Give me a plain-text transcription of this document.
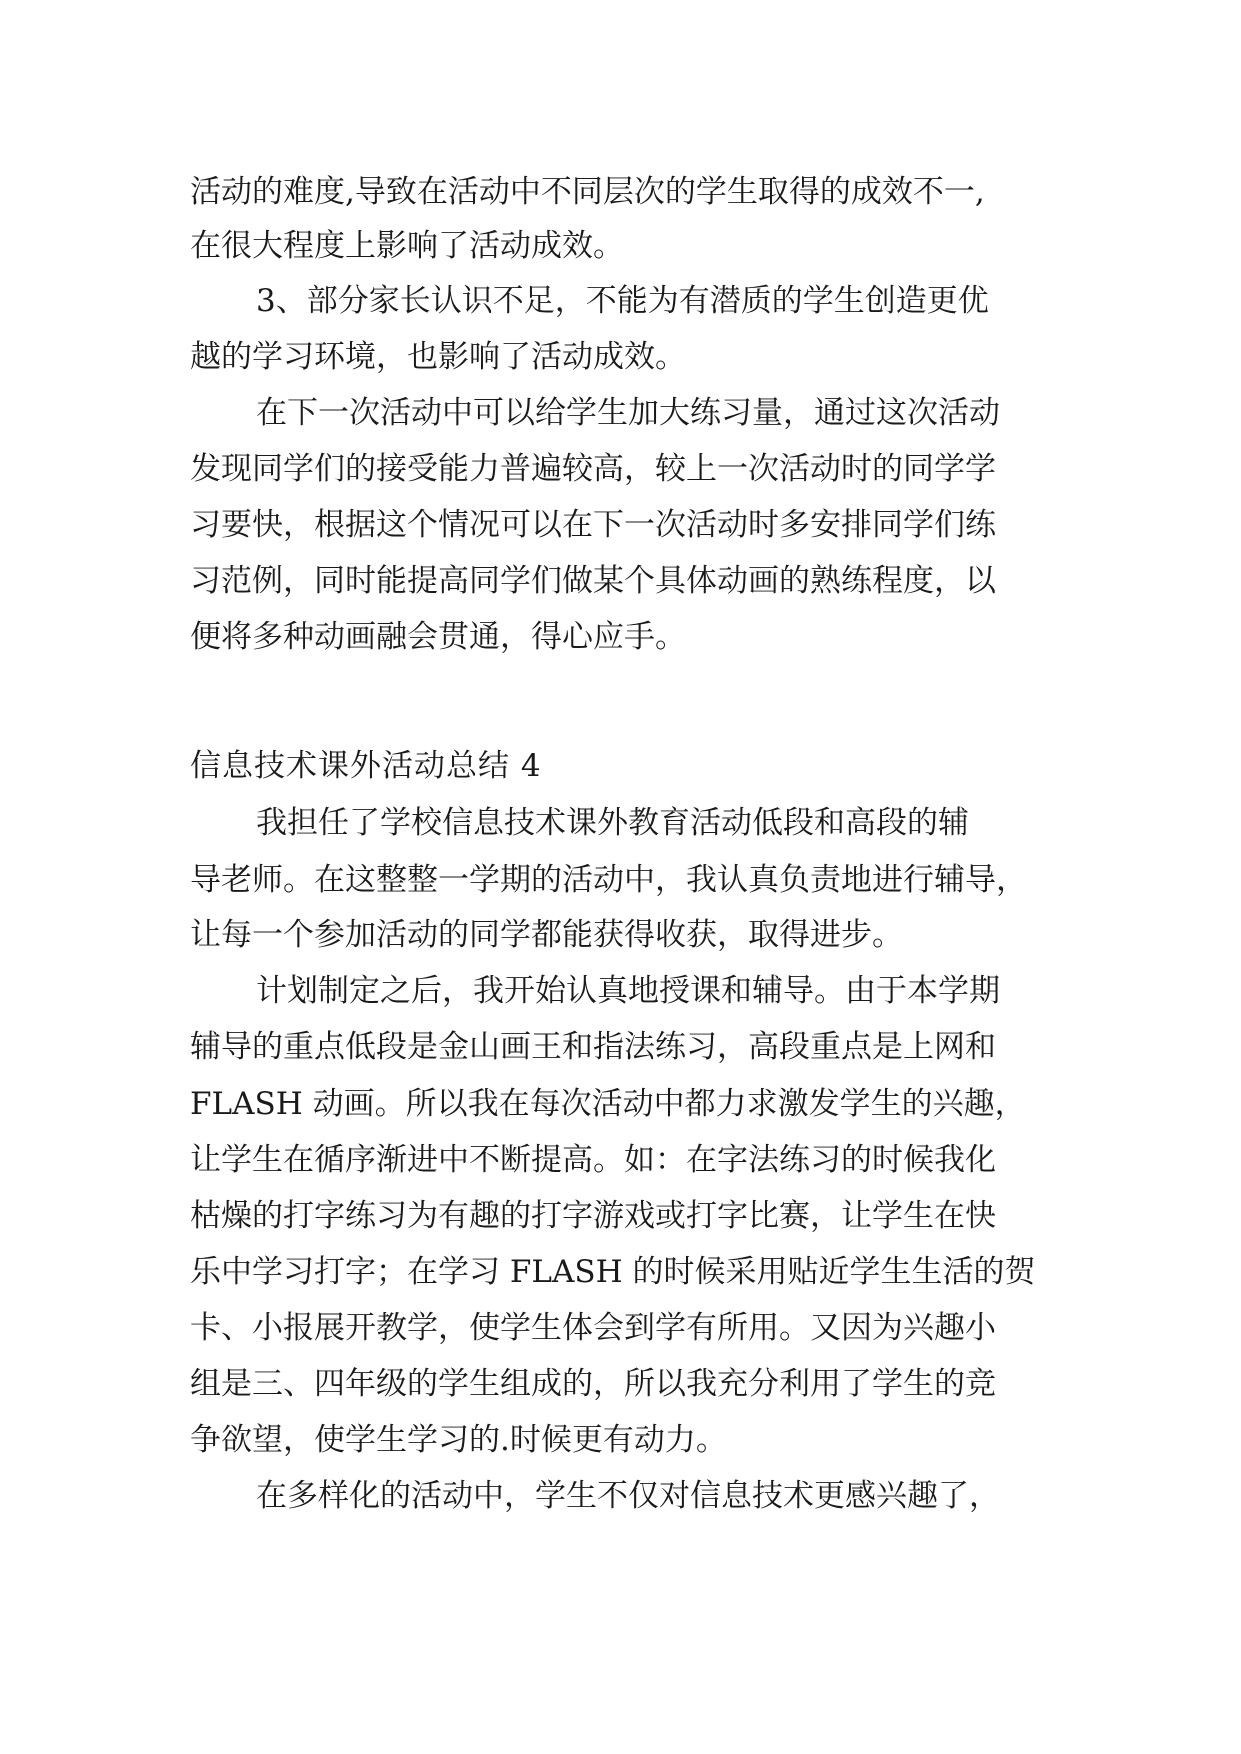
活动的难度,导致在活动中不同层次的学生取得的成效不一,
在很大程度上影响了活动成效。
3、部分家长认识不足，不能为有潜质的学生创造更优
越的学习环境，也影响了活动成效。
在下一次活动中可以给学生加大练习量，通过这次活动
发现同学们的接受能力普遍较高，较上一次活动时的同学学
习要快，根据这个情况可以在下一次活动时多安排同学们练
习范例，同时能提高同学们做某个具体动画的熟练程度，以
便将多种动画融会贯通，得心应手。
信息技术课外活动总结 4
我担任了学校信息技术课外教育活动低段和高段的辅
导老师。在这整整一学期的活动中，我认真负责地进行辅导，
让每一个参加活动的同学都能获得收获，取得进步。
计划制定之后，我开始认真地授课和辅导。由于本学期
辅导的重点低段是金山画王和指法练习，高段重点是上网和
FLASH 动画。所以我在每次活动中都力求激发学生的兴趣，
让学生在循序渐进中不断提高。如：在字法练习的时候我化
枯燥的打字练习为有趣的打字游戏或打字比赛，让学生在快
乐中学习打字；在学习 FLASH 的时候采用贴近学生生活的贺
卡、小报展开教学，使学生体会到学有所用。又因为兴趣小
组是三、四年级的学生组成的，所以我充分利用了学生的竞
争欲望，使学生学习的.时候更有动力。
在多样化的活动中，学生不仅对信息技术更感兴趣了，
